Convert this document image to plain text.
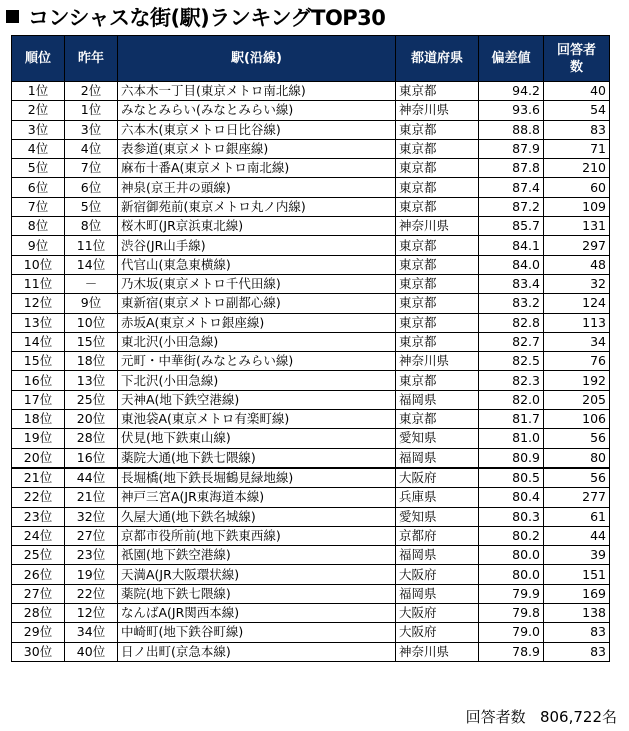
コンシャスな街(駅)ランキングTOP30
順位	昨年	駅(沿線)	都道府県	偏差値	回答者
数
1位	2位	六本木一丁目(東京メトロ南北線)	東京都	94.2	40
2位	1位	みなとみらい(みなとみらい線)	神奈川県	93.6	54
3位	3位	六本木(東京メトロ日比谷線)	東京都	88.8	83
4位	4位	表参道(東京メトロ銀座線)	東京都	87.9	71
5位	7位	麻布十番A(東京メトロ南北線)	東京都	87.8	210
6位	6位	神泉(京王井の頭線)	東京都	87.4	60
7位	5位	新宿御苑前(東京メトロ丸ノ内線)	東京都	87.2	109
8位	8位	桜木町(JR京浜東北線)	神奈川県	85.7	131
9位	11位	渋谷(JR山手線)	東京都	84.1	297
10位	14位	代官山(東急東横線)	東京都	84.0	48
11位	－	乃木坂(東京メトロ千代田線)	東京都	83.4	32
12位	9位	東新宿(東京メトロ副都心線)	東京都	83.2	124
13位	10位	赤坂A(東京メトロ銀座線)	東京都	82.8	113
14位	15位	東北沢(小田急線)	東京都	82.7	34
15位	18位	元町・中華街(みなとみらい線)	神奈川県	82.5	76
16位	13位	下北沢(小田急線)	東京都	82.3	192
17位	25位	天神A(地下鉄空港線)	福岡県	82.0	205
18位	20位	東池袋A(東京メトロ有楽町線)	東京都	81.7	106
19位	28位	伏見(地下鉄東山線)	愛知県	81.0	56
20位	16位	薬院大通(地下鉄七隈線)	福岡県	80.9	80
21位	44位	長堀橋(地下鉄長堀鶴見緑地線)	大阪府	80.5	56
22位	21位	神戸三宮A(JR東海道本線)	兵庫県	80.4	277
23位	32位	久屋大通(地下鉄名城線)	愛知県	80.3	61
24位	27位	京都市役所前(地下鉄東西線)	京都府	80.2	44
25位	23位	祇園(地下鉄空港線)	福岡県	80.0	39
26位	19位	天満A(JR大阪環状線)	大阪府	80.0	151
27位	22位	薬院(地下鉄七隈線)	福岡県	79.9	169
28位	12位	なんばA(JR関西本線)	大阪府	79.8	138
29位	34位	中崎町(地下鉄谷町線)	大阪府	79.0	83
30位	40位	日ノ出町(京急本線)	神奈川県	78.9	83
回答者数 806,722名
